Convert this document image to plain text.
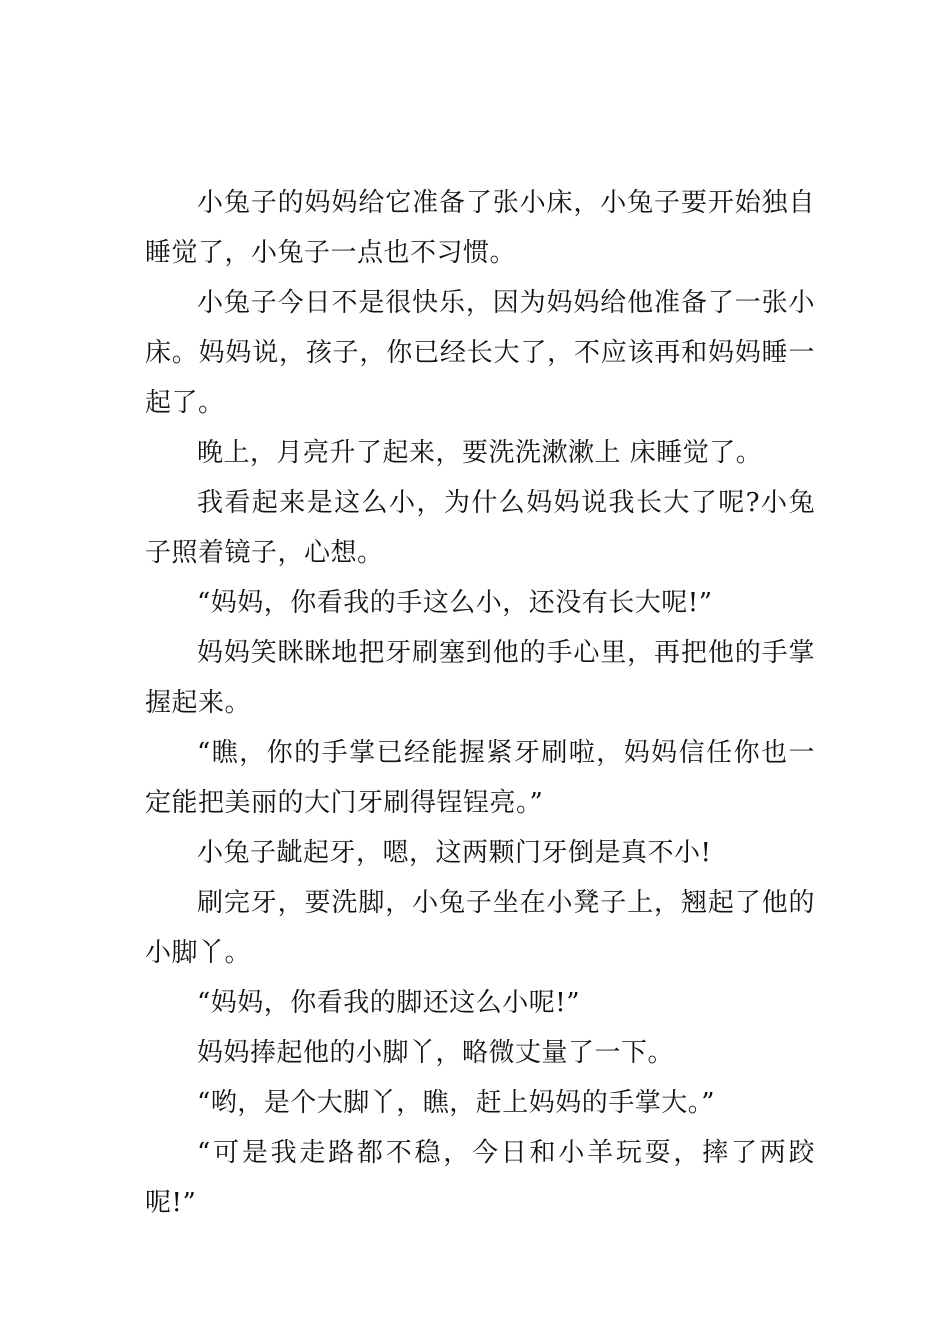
小兔子的妈妈给它准备了张小床，小兔子要开始独自睡觉了，小兔子一点也不习惯。

小兔子今日不是很快乐，因为妈妈给他准备了一张小床。妈妈说，孩子，你已经长大了，不应该再和妈妈睡一起了。

晚上，月亮升了起来，要洗洗漱漱上 床睡觉了。

我看起来是这么小，为什么妈妈说我长大了呢?小兔子照着镜子，心想。

“妈妈，你看我的手这么小，还没有长大呢!”

妈妈笑眯眯地把牙刷塞到他的手心里，再把他的手掌握起来。

“瞧，你的手掌已经能握紧牙刷啦，妈妈信任你也一定能把美丽的大门牙刷得锃锃亮。”

小兔子龇起牙，嗯，这两颗门牙倒是真不小!

刷完牙，要洗脚，小兔子坐在小凳子上，翘起了他的小脚丫。

“妈妈，你看我的脚还这么小呢!”

妈妈捧起他的小脚丫，略微丈量了一下。

“哟，是个大脚丫，瞧，赶上妈妈的手掌大。”

“可是我走路都不稳，今日和小羊玩耍，摔了两跤呢!”
